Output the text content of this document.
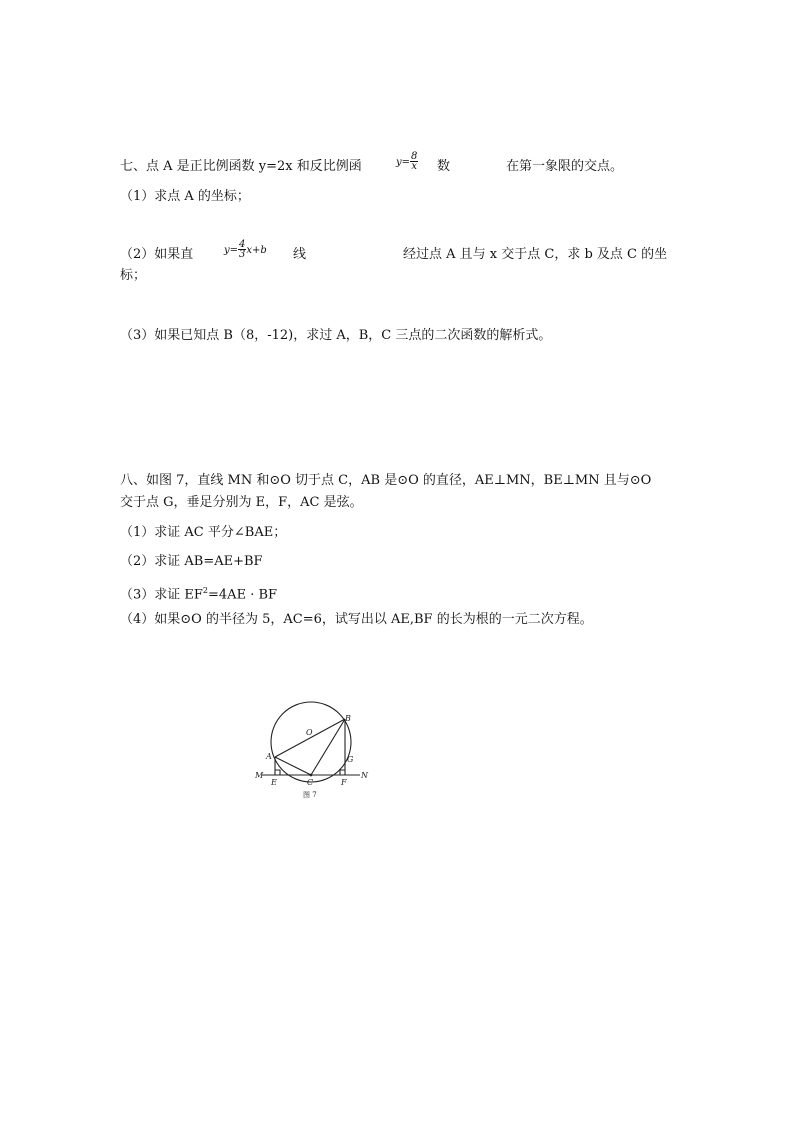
七、点 A 是正比例函数 y=2x 和反比例函	$y= \frac{8}{x}$ 数	在第一象限的交点。
（1）求点 A 的坐标；
（2）如果直	$y= \frac{4}{3} x+b$ 线	经过点 A 且与 x 交于点 C，求 b 及点 C 的坐
标；
（3）如果已知点 B（8，-12)，求过 A，B，C 三点的二次函数的解析式。
八、如图 7，直线 MN 和⊙O 切于点 C，AB 是⊙O 的直径，AE⊥MN，BE⊥MN 且与⊙O
交于点 G，垂足分别为 E，F，AC 是弦。
（1）求证 AC 平分∠BAE；
（2）求证 AB=AE+BF
（3）求证 $EF^2=4AE$ · BF
（4）如果⊙O 的半径为 5，AC=6，试写出以 AE,BF 的长为根的一元二次方程。
A
B
O
G
M	N
E	C	F
图 7
